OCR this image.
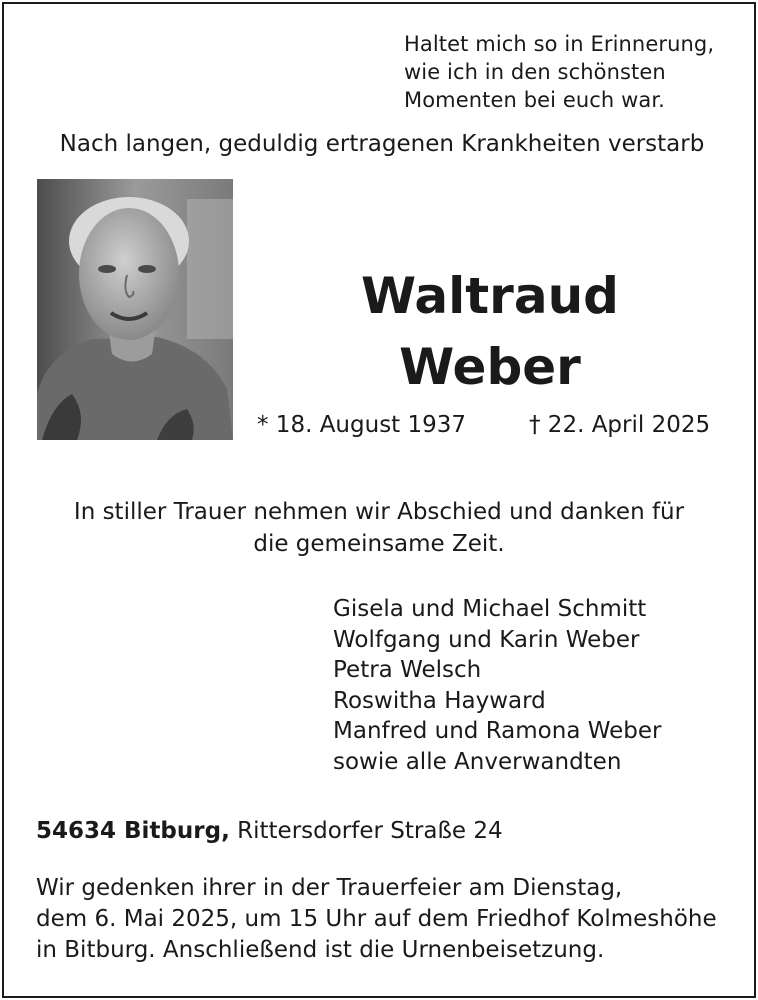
Haltet mich so in Erinnerung,
wie ich in den schönsten
Momenten bei euch war.
Nach langen, geduldig ertragenen Krankheiten verstarb
Waltraud
Weber
* 18. August 1937	† 22. April 2025
In stiller Trauer nehmen wir Abschied und danken für
die gemeinsame Zeit.
Gisela und Michael Schmitt
Wolfgang und Karin Weber
Petra Welsch
Roswitha Hayward
Manfred und Ramona Weber
sowie alle Anverwandten
54634 Bitburg, Rittersdorfer Straße 24
Wir gedenken ihrer in der Trauerfeier am Dienstag,
dem 6. Mai 2025, um 15 Uhr auf dem Friedhof Kolmeshöhe
in Bitburg. Anschließend ist die Urnenbeisetzung.
